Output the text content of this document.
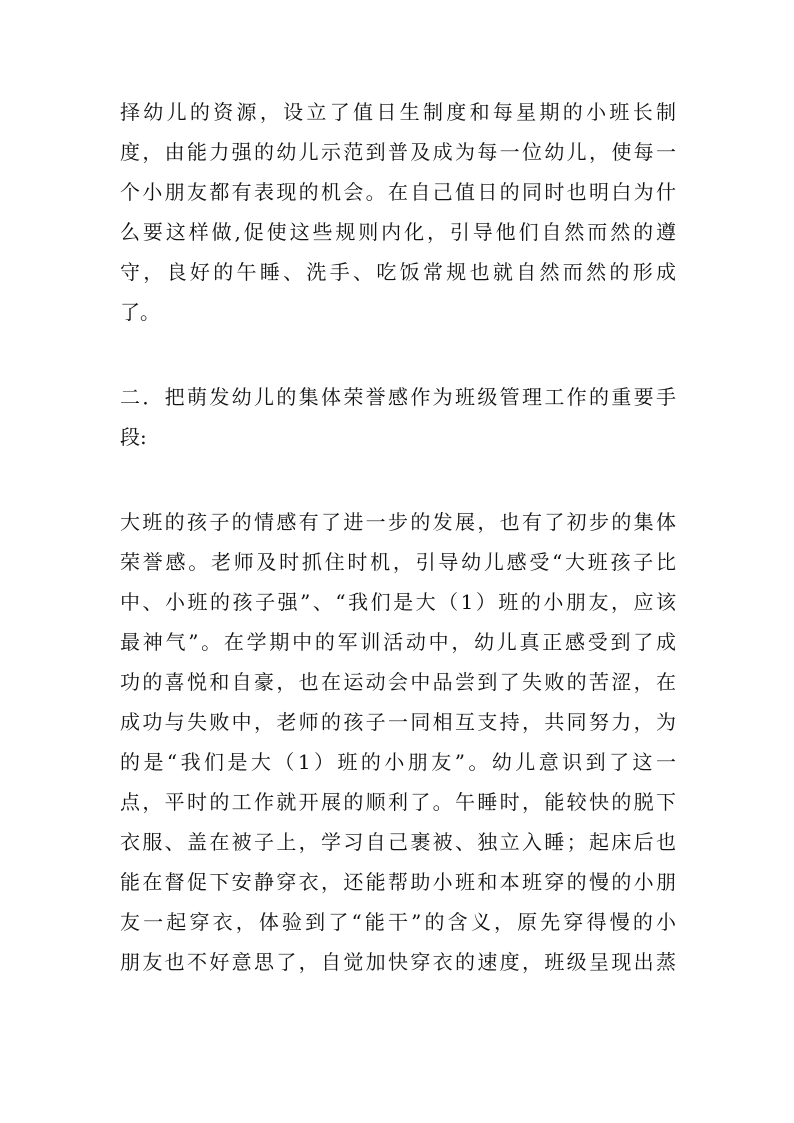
择幼儿的资源，设立了值日生制度和每星期的小班长制
度，由能力强的幼儿示范到普及成为每一位幼儿，使每一
个小朋友都有表现的机会。在自己值日的同时也明白为什
么要这样做,促使这些规则内化，引导他们自然而然的遵
守，良好的午睡、洗手、吃饭常规也就自然而然的形成
了。
二．把萌发幼儿的集体荣誉感作为班级管理工作的重要手
段:
大班的孩子的情感有了进一步的发展，也有了初步的集体
荣誉感。老师及时抓住时机，引导幼儿感受“大班孩子比
中、小班的孩子强”、“我们是大（1）班的小朋友，应该
最神气”。在学期中的军训活动中，幼儿真正感受到了成
功的喜悦和自豪，也在运动会中品尝到了失败的苦涩，在
成功与失败中，老师的孩子一同相互支持，共同努力，为
的是“我们是大（1）班的小朋友”。幼儿意识到了这一
点，平时的工作就开展的顺利了。午睡时，能较快的脱下
衣服、盖在被子上，学习自己裹被、独立入睡；起床后也
能在督促下安静穿衣，还能帮助小班和本班穿的慢的小朋
友一起穿衣，体验到了“能干”的含义，原先穿得慢的小
朋友也不好意思了，自觉加快穿衣的速度，班级呈现出蒸
